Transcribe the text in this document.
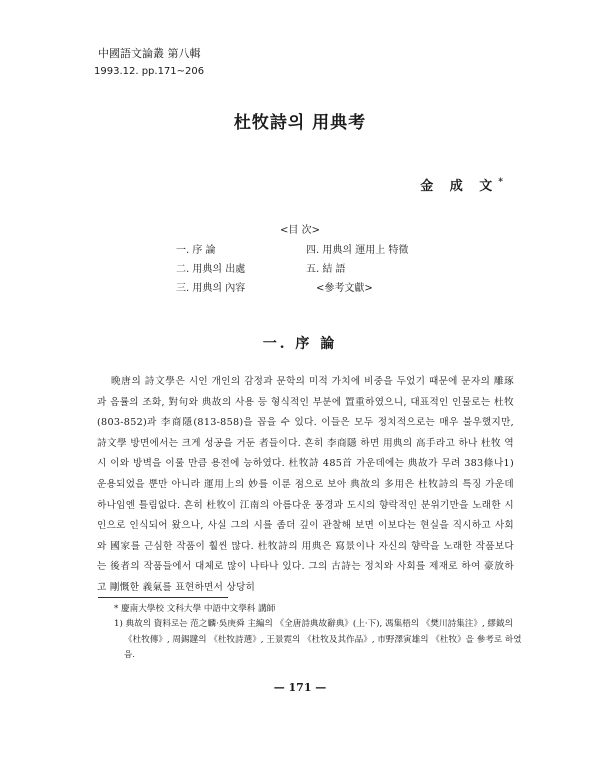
中國語文論叢 第八輯
1993.12. pp.171~206
杜牧詩의 用典考
金 成 文*
<目 次>
一. 序 論
二. 用典의 出處
三. 用典의 內容
四. 用典의 運用上 特徵
五. 結 語
<參考文獻>
一. 序 論
晩唐의 詩文學은 시인 개인의 감정과 문학의 미적 가치에 비중을 두었기 때문에 문자의 雕琢과 음률의 조화, 對句와 典故의 사용 등 형식적인 부분에 置重하였으니, 대표적인 인물로는 杜牧(803-852)과 李商隱(813-858)을 꼽을 수 있다. 이들은 모두 정치적으로는 매우 불우했지만, 詩文學 방면에서는 크게 성공을 거둔 者들이다. 흔히 李商隱 하면 用典의 高手라고 하나 杜牧 역시 이와 방벽을 이룰 만큼 용전에 능하였다. 杜牧詩 485首 가운데에는 典故가 무려 383條나1) 운용되었을 뿐만 아니라 運用上의 妙를 이룬 점으로 보아 典故의 多用은 杜牧詩의 특징 가운데 하나임엔 틀림없다. 흔히 杜牧이 江南의 아름다운 풍경과 도시의 향락적인 분위기만을 노래한 시인으로 인식되어 왔으나, 사실 그의 시를 좀더 깊이 관찰해 보면 이보다는 현실을 직시하고 사회와 國家를 근심한 작품이 훨씬 많다. 杜牧詩의 用典은 寫景이나 자신의 향락을 노래한 작품보다는 後者의 작품들에서 대체로 많이 나타나 있다. 그의 古詩는 정치와 사회를 제재로 하여 豪放하고 剛慨한 義氣를 표현하면서 상당히
* 慶南大學校 文科大學 中語中文學科 講師
1) 典故의 資料로는 范之麟·吳庚舜 主編의 《全唐詩典故辭典》(上·下), 馮集梧의 《樊川詩集注》, 繆鉞의 《杜牧傳》, 周錫韙의 《杜牧詩選》, 王景霓의 《杜牧及其作品》, 市野澤寅雄의 《杜牧》을 參考로 하였음.
— 171 —
